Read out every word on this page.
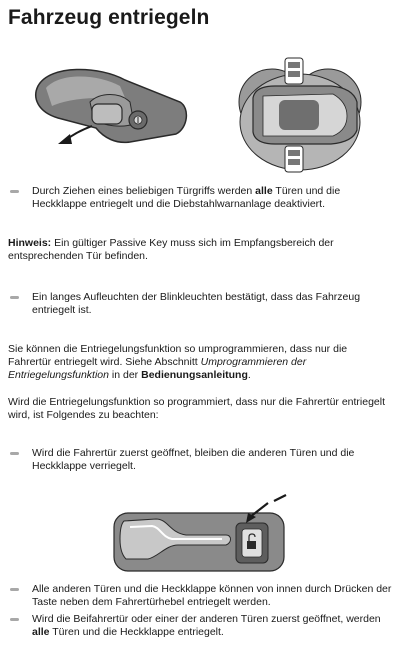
Fahrzeug entriegeln
Durch Ziehen eines beliebigen Türgriffs werden alle Türen und die Heckklappe entriegelt und die Diebstahlwarnanlage deaktiviert.
Hinweis: Ein gültiger Passive Key muss sich im Empfangsbereich der entsprechenden Tür befinden.
Ein langes Aufleuchten der Blinkleuchten bestätigt, dass das Fahrzeug entriegelt ist.
Sie können die Entriegelungsfunktion so umprogrammieren, dass nur die Fahrertür entriegelt wird. Siehe Abschnitt Umprogrammieren der Entriegelungsfunktion in der Bedienungsanleitung.
Wird die Entriegelungsfunktion so programmiert, dass nur die Fahrertür entriegelt wird, ist Folgendes zu beachten:
Wird die Fahrertür zuerst geöffnet, bleiben die anderen Türen und die Heckklappe verriegelt.
Alle anderen Türen und die Heckklappe können von innen durch Drücken der Taste neben dem Fahrertürhebel entriegelt werden.
Wird die Beifahrertür oder einer der anderen Türen zuerst geöffnet, werden alle Türen und die Heckklappe entriegelt.
